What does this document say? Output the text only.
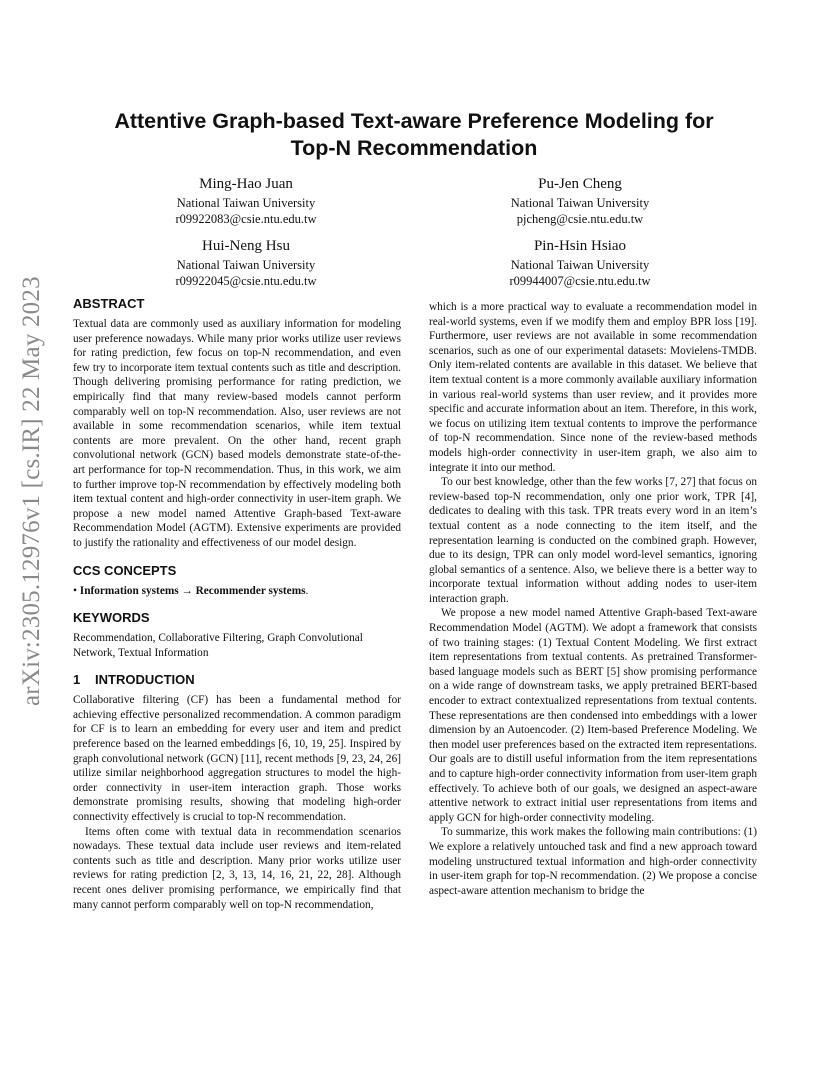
arXiv:2305.12976v1 [cs.IR] 22 May 2023
Attentive Graph-based Text-aware Preference Modeling for
Top-N Recommendation
Ming-Hao Juan
National Taiwan University
r09922083@csie.ntu.edu.tw
Pu-Jen Cheng
National Taiwan University
pjcheng@csie.ntu.edu.tw
Hui-Neng Hsu
National Taiwan University
r09922045@csie.ntu.edu.tw
Pin-Hsin Hsiao
National Taiwan University
r09944007@csie.ntu.edu.tw
ABSTRACT

Textual data are commonly used as auxiliary information for modeling user preference nowadays. While many prior works utilize user reviews for rating prediction, few focus on top-N recommendation, and even few try to incorporate item textual contents such as title and description. Though delivering promising performance for rating prediction, we empirically find that many review-based models cannot perform comparably well on top-N recommendation. Also, user reviews are not available in some recommendation scenarios, while item textual contents are more prevalent. On the other hand, recent graph convolutional network (GCN) based models demonstrate state-of-the-art performance for top-N recommendation. Thus, in this work, we aim to further improve top-N recommendation by effectively modeling both item textual content and high-order connectivity in user-item graph. We propose a new model named Attentive Graph-based Text-aware Recommendation Model (AGTM). Extensive experiments are provided to justify the rationality and effectiveness of our model design.

CCS CONCEPTS

• Information systems → Recommender systems.

KEYWORDS

Recommendation, Collaborative Filtering, Graph Convolutional Network, Textual Information

1 INTRODUCTION

Collaborative filtering (CF) has been a fundamental method for achieving effective personalized recommendation. A common paradigm for CF is to learn an embedding for every user and item and predict preference based on the learned embeddings [6, 10, 19, 25]. Inspired by graph convolutional network (GCN) [11], recent methods [9, 23, 24, 26] utilize similar neighborhood aggregation structures to model the high-order connectivity in user-item interaction graph. Those works demonstrate promising results, showing that modeling high-order connectivity effectively is crucial to top-N recommendation.

Items often come with textual data in recommendation scenarios nowadays. These textual data include user reviews and item-related contents such as title and description. Many prior works utilize user reviews for rating prediction [2, 3, 13, 14, 16, 21, 22, 28]. Although recent ones deliver promising performance, we empirically find that many cannot perform comparably well on top-N recommendation,

which is a more practical way to evaluate a recommendation model in real-world systems, even if we modify them and employ BPR loss [19]. Furthermore, user reviews are not available in some recommendation scenarios, such as one of our experimental datasets: Movielens-TMDB. Only item-related contents are available in this dataset. We believe that item textual content is a more commonly available auxiliary information in various real-world systems than user review, and it provides more specific and accurate information about an item. Therefore, in this work, we focus on utilizing item textual contents to improve the performance of top-N recommendation. Since none of the review-based methods models high-order connectivity in user-item graph, we also aim to integrate it into our method.

To our best knowledge, other than the few works [7, 27] that focus on review-based top-N recommendation, only one prior work, TPR [4], dedicates to dealing with this task. TPR treats every word in an item’s textual content as a node connecting to the item itself, and the representation learning is conducted on the combined graph. However, due to its design, TPR can only model word-level semantics, ignoring global semantics of a sentence. Also, we believe there is a better way to incorporate textual information without adding nodes to user-item interaction graph.

We propose a new model named Attentive Graph-based Text-aware Recommendation Model (AGTM). We adopt a framework that consists of two training stages: (1) Textual Content Modeling. We first extract item representations from textual contents. As pretrained Transformer-based language models such as BERT [5] show promising performance on a wide range of downstream tasks, we apply pretrained BERT-based encoder to extract contextualized representations from textual contents. These representations are then condensed into embeddings with a lower dimension by an Autoencoder. (2) Item-based Preference Modeling. We then model user preferences based on the extracted item representations. Our goals are to distill useful information from the item representations and to capture high-order connectivity information from user-item graph effectively. To achieve both of our goals, we designed an aspect-aware attentive network to extract initial user representations from items and apply GCN for high-order connectivity modeling.

To summarize, this work makes the following main contributions: (1) We explore a relatively untouched task and find a new approach toward modeling unstructured textual information and high-order connectivity in user-item graph for top-N recommendation. (2) We propose a concise aspect-aware attention mechanism to bridge the
